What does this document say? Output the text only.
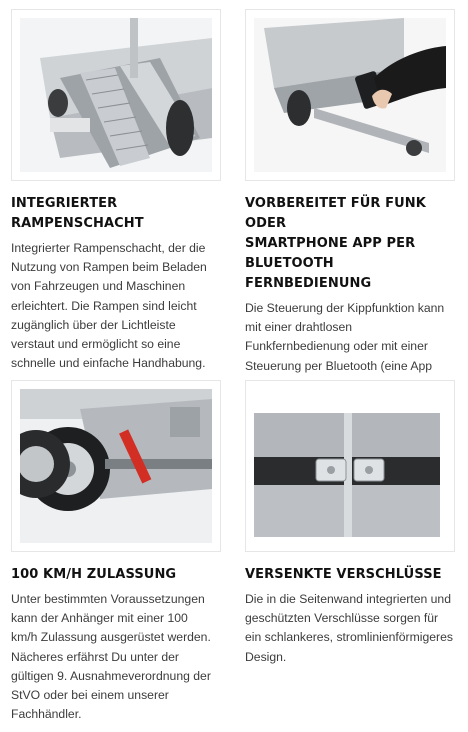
INTEGRIERTER
RAMPENSCHACHT
Integrierter Rampenschacht, der die
Nutzung von Rampen beim Beladen
von Fahrzeugen und Maschinen
erleichtert. Die Rampen sind leicht
zugänglich über der Lichtleiste
verstaut und ermöglicht so eine
schnelle und einfache Handhabung.
VORBEREITET FÜR FUNK ODER
SMARTPHONE APP PER
BLUETOOTH FERNBEDIENUNG
Die Steuerung der Kippfunktion kann
mit einer drahtlosen
Funkfernbedienung oder mit einer
Steuerung per Bluetooth (eine App

100 KM/H ZULASSUNG
Unter bestimmten Voraussetzungen
kann der Anhänger mit einer 100
km/h Zulassung ausgerüstet werden.
Nächeres erfährst Du unter der
gültigen 9. Ausnahmeverordnung der
StVO oder bei einem unserer
Fachhändler.
VERSENKTE VERSCHLÜSSE
Die in die Seitenwand integrierten und
geschützten Verschlüsse sorgen für
ein schlankeres, stromlinienförmigeres
Design.
